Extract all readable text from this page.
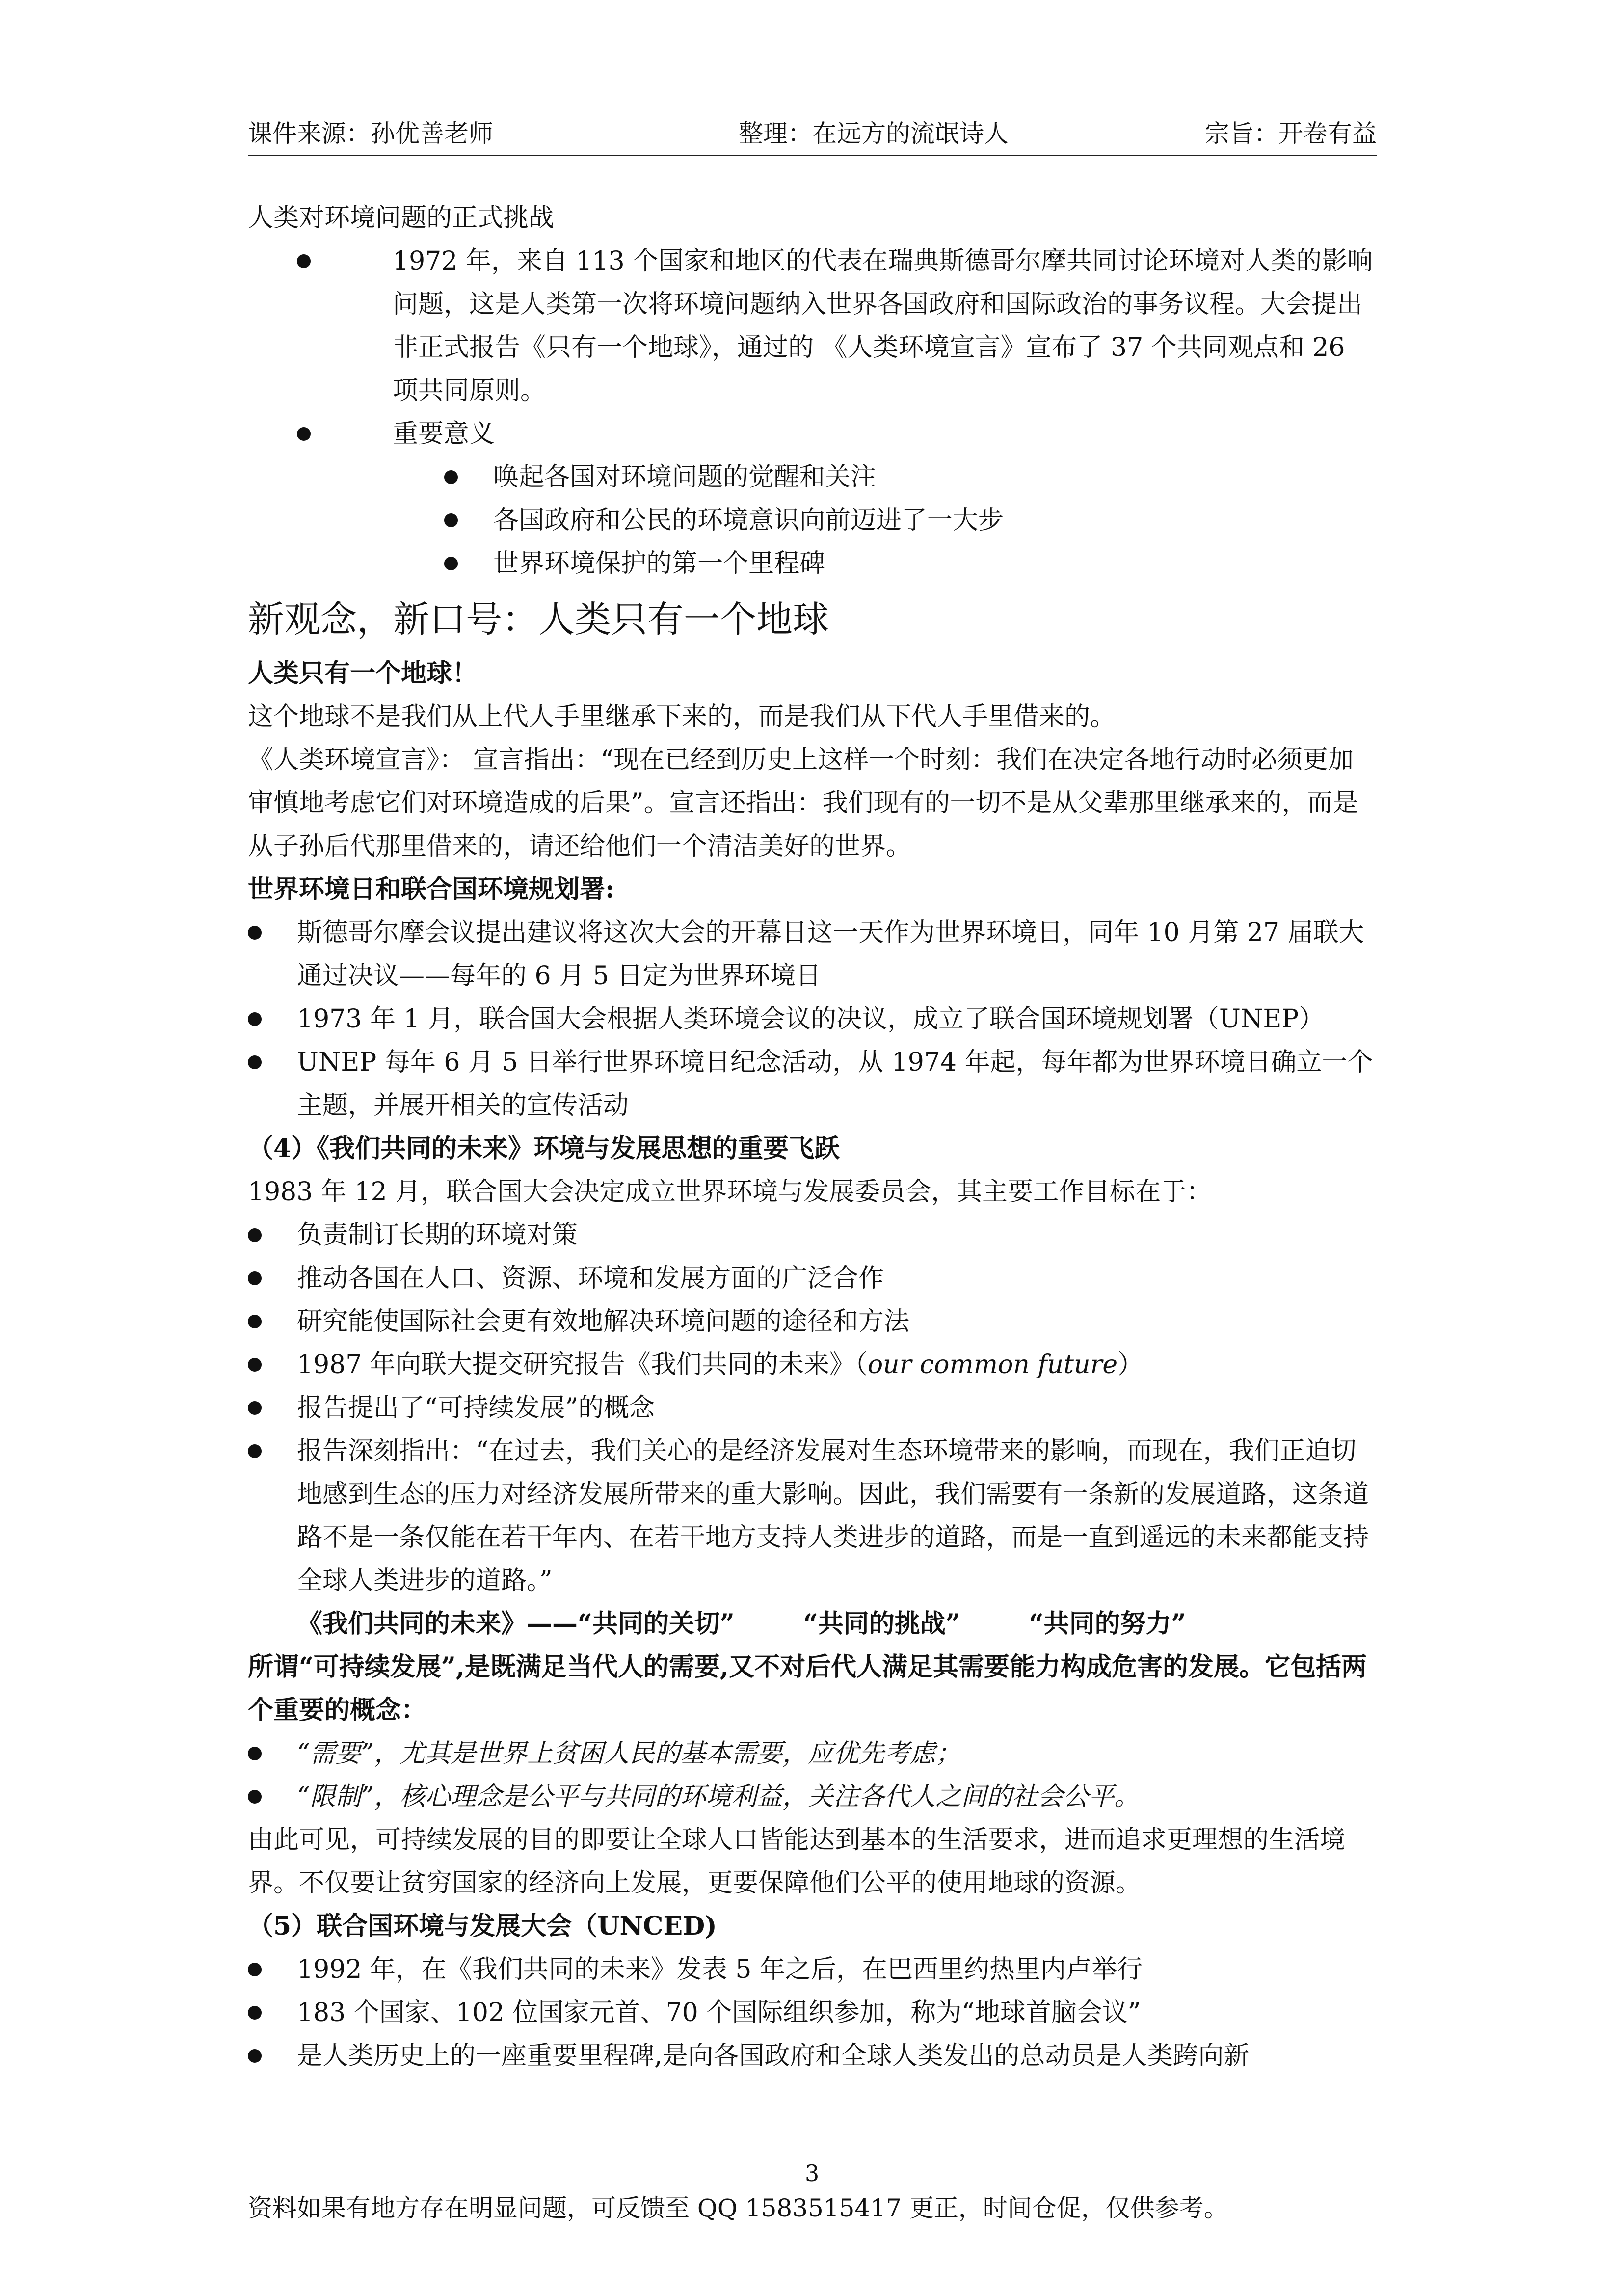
课件来源：孙优善老师	整理：在远方的流氓诗人	宗旨：开卷有益
人类对环境问题的正式挑战
1972 年，来自 113 个国家和地区的代表在瑞典斯德哥尔摩共同讨论环境对人类的影响问题，这是人类第一次将环境问题纳入世界各国政府和国际政治的事务议程。大会提出非正式报告《只有一个地球》，通过的 《人类环境宣言》宣布了 37 个共同观点和 26 项共同原则。
重要意义
唤起各国对环境问题的觉醒和关注
各国政府和公民的环境意识向前迈进了一大步
世界环境保护的第一个里程碑
新观念，新口号：人类只有一个地球
人类只有一个地球！
这个地球不是我们从上代人手里继承下来的，而是我们从下代人手里借来的。
《人类环境宣言》： 宣言指出：“现在已经到历史上这样一个时刻：我们在决定各地行动时必须更加审慎地考虑它们对环境造成的后果”。宣言还指出：我们现有的一切不是从父辈那里继承来的，而是从子孙后代那里借来的，请还给他们一个清洁美好的世界。
世界环境日和联合国环境规划署:
斯德哥尔摩会议提出建议将这次大会的开幕日这一天作为世界环境日，同年 10 月第 27 届联大通过决议——每年的 6 月 5 日定为世界环境日
1973 年 1 月，联合国大会根据人类环境会议的决议，成立了联合国环境规划署（UNEP）
UNEP 每年 6 月 5 日举行世界环境日纪念活动，从 1974 年起，每年都为世界环境日确立一个主题，并展开相关的宣传活动
（4）《我们共同的未来》环境与发展思想的重要飞跃
1983 年 12 月，联合国大会决定成立世界环境与发展委员会，其主要工作目标在于：
负责制订长期的环境对策
推动各国在人口、资源、环境和发展方面的广泛合作
研究能使国际社会更有效地解决环境问题的途径和方法
1987 年向联大提交研究报告《我们共同的未来》（our common future）
报告提出了“可持续发展”的概念
报告深刻指出：“在过去，我们关心的是经济发展对生态环境带来的影响，而现在，我们正迫切地感到生态的压力对经济发展所带来的重大影响。因此，我们需要有一条新的发展道路，这条道路不是一条仅能在若干年内、在若干地方支持人类进步的道路，而是一直到遥远的未来都能支持全球人类进步的道路。”
《我们共同的未来》——“共同的关切”	“共同的挑战”	“共同的努力”
所谓“可持续发展”,是既满足当代人的需要,又不对后代人满足其需要能力构成危害的发展。它包括两个重要的概念：
“需要”，尤其是世界上贫困人民的基本需要，应优先考虑；
“限制”，核心理念是公平与共同的环境利益，关注各代人之间的社会公平。
由此可见，可持续发展的目的即要让全球人口皆能达到基本的生活要求，进而追求更理想的生活境界。不仅要让贫穷国家的经济向上发展，更要保障他们公平的使用地球的资源。
（5）联合国环境与发展大会（UNCED)
1992 年，在《我们共同的未来》发表 5 年之后，在巴西里约热里内卢举行
183 个国家、102 位国家元首、70 个国际组织参加，称为“地球首脑会议”
是人类历史上的一座重要里程碑,是向各国政府和全球人类发出的总动员是人类跨向新
3
资料如果有地方存在明显问题，可反馈至 QQ 1583515417 更正，时间仓促，仅供参考。
